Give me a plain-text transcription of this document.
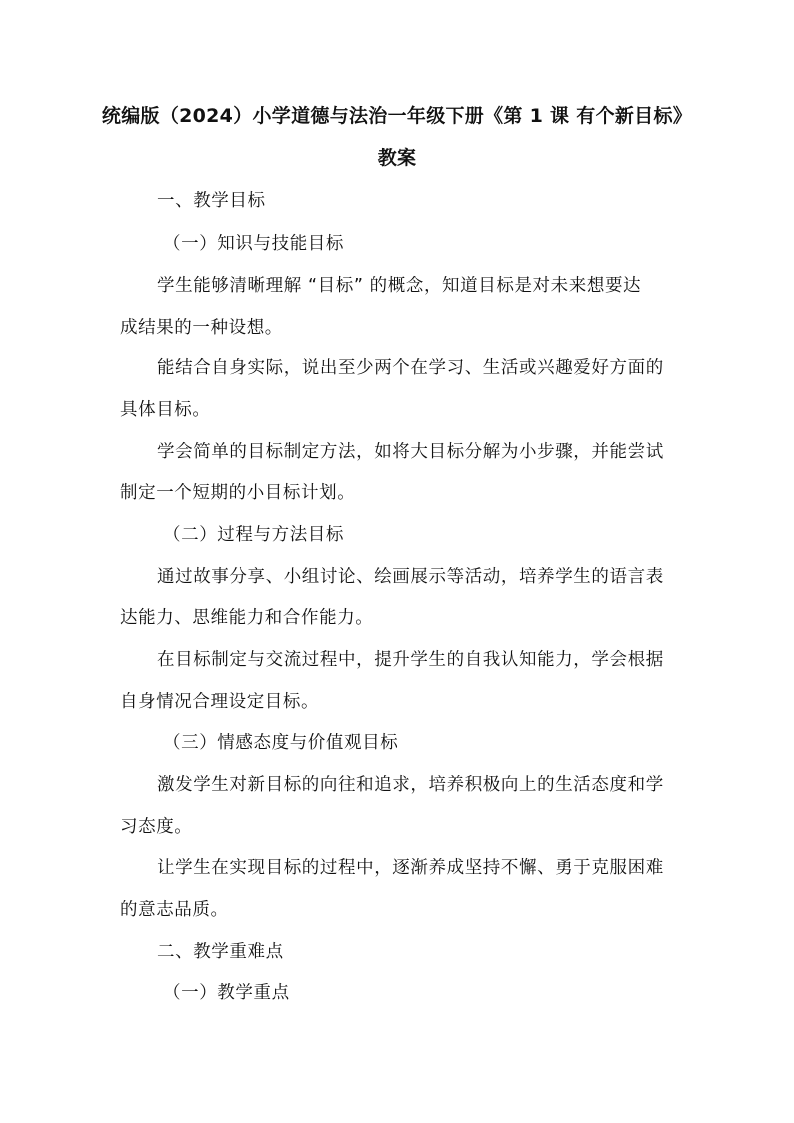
统编版（2024）小学道德与法治一年级下册《第 1 课 有个新目标》
教案
一、教学目标
（一）知识与技能目标
学生能够清晰理解 “目标” 的概念，知道目标是对未来想要达
成结果的一种设想。
能结合自身实际，说出至少两个在学习、生活或兴趣爱好方面的
具体目标。
学会简单的目标制定方法，如将大目标分解为小步骤，并能尝试
制定一个短期的小目标计划。
（二）过程与方法目标
通过故事分享、小组讨论、绘画展示等活动，培养学生的语言表
达能力、思维能力和合作能力。
在目标制定与交流过程中，提升学生的自我认知能力，学会根据
自身情况合理设定目标。
（三）情感态度与价值观目标
激发学生对新目标的向往和追求，培养积极向上的生活态度和学
习态度。
让学生在实现目标的过程中，逐渐养成坚持不懈、勇于克服困难
的意志品质。
二、教学重难点
（一）教学重点
